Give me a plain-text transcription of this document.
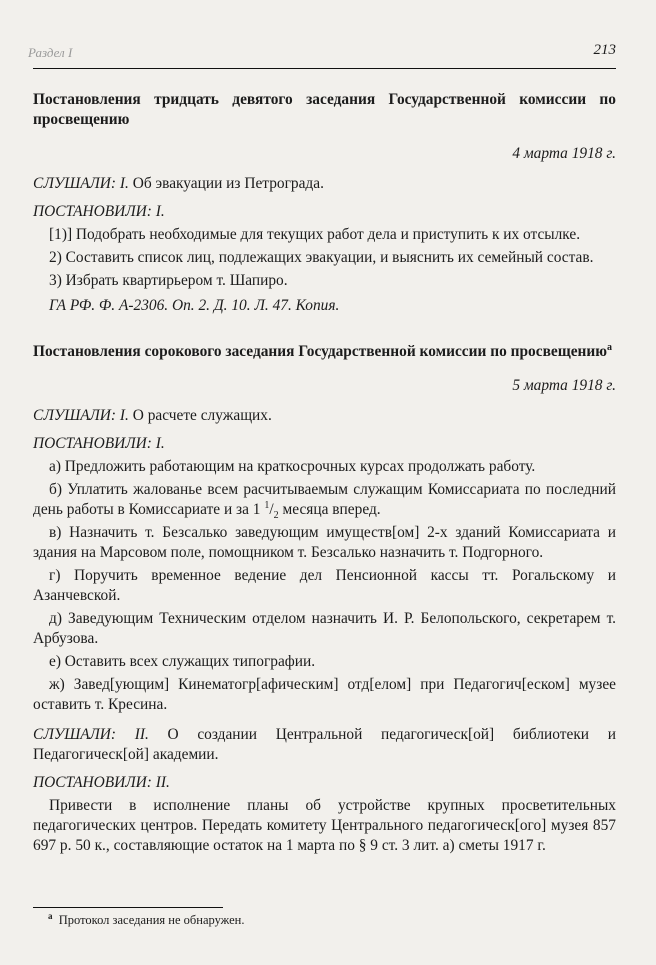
Раздел I	213

Постановления тридцать девятого заседания Государственной комиссии по просвещению

4 марта 1918 г.

СЛУШАЛИ: I. Об эвакуации из Петрограда.

ПОСТАНОВИЛИ: I.

[1)] Подобрать необходимые для текущих работ дела и приступить к их отсылке.

2) Составить список лиц, подлежащих эвакуации, и выяснить их семейный состав.

3) Избрать квартирьером т. Шапиро.

ГА РФ. Ф. А-2306. Оп. 2. Д. 10. Л. 47. Копия.

Постановления сорокового заседания Государственной комиссии по просвещению$^а$

5 марта 1918 г.

СЛУШАЛИ: I. О расчете служащих.

ПОСТАНОВИЛИ: I.

а) Предложить работающим на краткосрочных курсах продолжать работу.

б) Уплатить жалованье всем расчитываемым служащим Комиссариата по последний день работы в Комиссариате и за 1 $^1/_2$ месяца вперед.

в) Назначить т. Безсалько заведующим имуществ[ом] 2-х зданий Комиссариата и здания на Марсовом поле, помощником т. Безсалько назначить т. Подгорного.

г) Поручить временное ведение дел Пенсионной кассы тт. Рогальскому и Азанчевской.

д) Заведующим Техническим отделом назначить И. Р. Белопольского, секретарем т. Арбузова.

е) Оставить всех служащих типографии.

ж) Завед[ующим] Кинематогр[афическим] отд[елом] при Педагогич[еском] музее оставить т. Кресина.

СЛУШАЛИ: II. О создании Центральной педагогическ[ой] библиотеки и Педагогическ[ой] академии.

ПОСТАНОВИЛИ: II.

Привести в исполнение планы об устройстве крупных просветительных педагогических центров. Передать комитету Центрального педагогическ[ого] музея 857 697 р. 50 к., составляющие остаток на 1 марта по § 9 ст. 3 лит. а) сметы 1917 г.

$^а$ Протокол заседания не обнаружен.
